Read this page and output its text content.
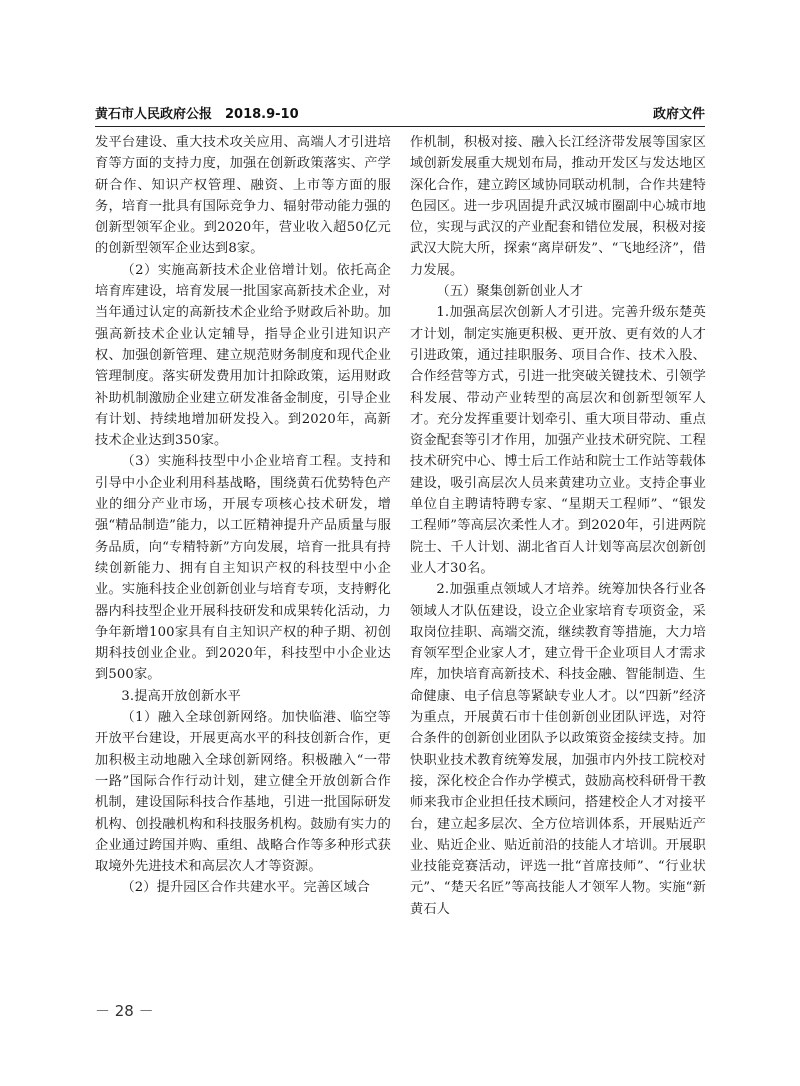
黄石市人民政府公报　2018.9-10	政府文件

发平台建设、重大技术攻关应用、高端人才引进培育等方面的支持力度，加强在创新政策落实、产学研合作、知识产权管理、融资、上市等方面的服务，培育一批具有国际竞争力、辐射带动能力强的创新型领军企业。到2020年，营业收入超50亿元的创新型领军企业达到8家。

（2）实施高新技术企业倍增计划。依托高企培育库建设，培育发展一批国家高新技术企业，对当年通过认定的高新技术企业给予财政后补助。加强高新技术企业认定辅导，指导企业引进知识产权、加强创新管理、建立规范财务制度和现代企业管理制度。落实研发费用加计扣除政策，运用财政补助机制激励企业建立研发准备金制度，引导企业有计划、持续地增加研发投入。到2020年，高新技术企业达到350家。

（3）实施科技型中小企业培育工程。支持和引导中小企业利用科基战略，围绕黄石优势特色产业的细分产业市场，开展专项核心技术研发，增强“精品制造”能力，以工匠精神提升产品质量与服务品质，向“专精特新”方向发展，培育一批具有持续创新能力、拥有自主知识产权的科技型中小企业。实施科技企业创新创业与培育专项，支持孵化器内科技型企业开展科技研发和成果转化活动，力争年新增100家具有自主知识产权的种子期、初创期科技创业企业。到2020年，科技型中小企业达到500家。

3.提高开放创新水平

（1）融入全球创新网络。加快临港、临空等开放平台建设，开展更高水平的科技创新合作，更加积极主动地融入全球创新网络。积极融入“一带一路”国际合作行动计划，建立健全开放创新合作机制，建设国际科技合作基地，引进一批国际研发机构、创投融机构和科技服务机构。鼓励有实力的企业通过跨国并购、重组、战略合作等多种形式获取境外先进技术和高层次人才等资源。

（2）提升园区合作共建水平。完善区域合

作机制，积极对接、融入长江经济带发展等国家区域创新发展重大规划布局，推动开发区与发达地区深化合作，建立跨区域协同联动机制，合作共建特色园区。进一步巩固提升武汉城市圈副中心城市地位，实现与武汉的产业配套和错位发展，积极对接武汉大院大所，探索“离岸研发”、“飞地经济”，借力发展。

（五）聚集创新创业人才

1.加强高层次创新人才引进。完善升级东楚英才计划，制定实施更积极、更开放、更有效的人才引进政策，通过挂职服务、项目合作、技术入股、合作经营等方式，引进一批突破关键技术、引领学科发展、带动产业转型的高层次和创新型领军人才。充分发挥重要计划牵引、重大项目带动、重点资金配套等引才作用，加强产业技术研究院、工程技术研究中心、博士后工作站和院士工作站等载体建设，吸引高层次人员来黄建功立业。支持企事业单位自主聘请特聘专家、“星期天工程师”、“银发工程师”等高层次柔性人才。到2020年，引进两院院士、千人计划、湖北省百人计划等高层次创新创业人才30名。

2.加强重点领域人才培养。统筹加快各行业各领域人才队伍建设，设立企业家培育专项资金，采取岗位挂职、高端交流，继续教育等措施，大力培育领军型企业家人才，建立骨干企业项目人才需求库，加快培育高新技术、科技金融、智能制造、生命健康、电子信息等紧缺专业人才。以“四新”经济为重点，开展黄石市十佳创新创业团队评选，对符合条件的创新创业团队予以政策资金接续支持。加快职业技术教育统筹发展，加强市内外技工院校对接，深化校企合作办学模式，鼓励高校科研骨干教师来我市企业担任技术顾问，搭建校企人才对接平台，建立起多层次、全方位培训体系，开展贴近产业、贴近企业、贴近前沿的技能人才培训。开展职业技能竞赛活动，评选一批“首席技师”、“行业状元”、“楚天名匠”等高技能人才领军人物。实施“新黄石人

－ 28 －
